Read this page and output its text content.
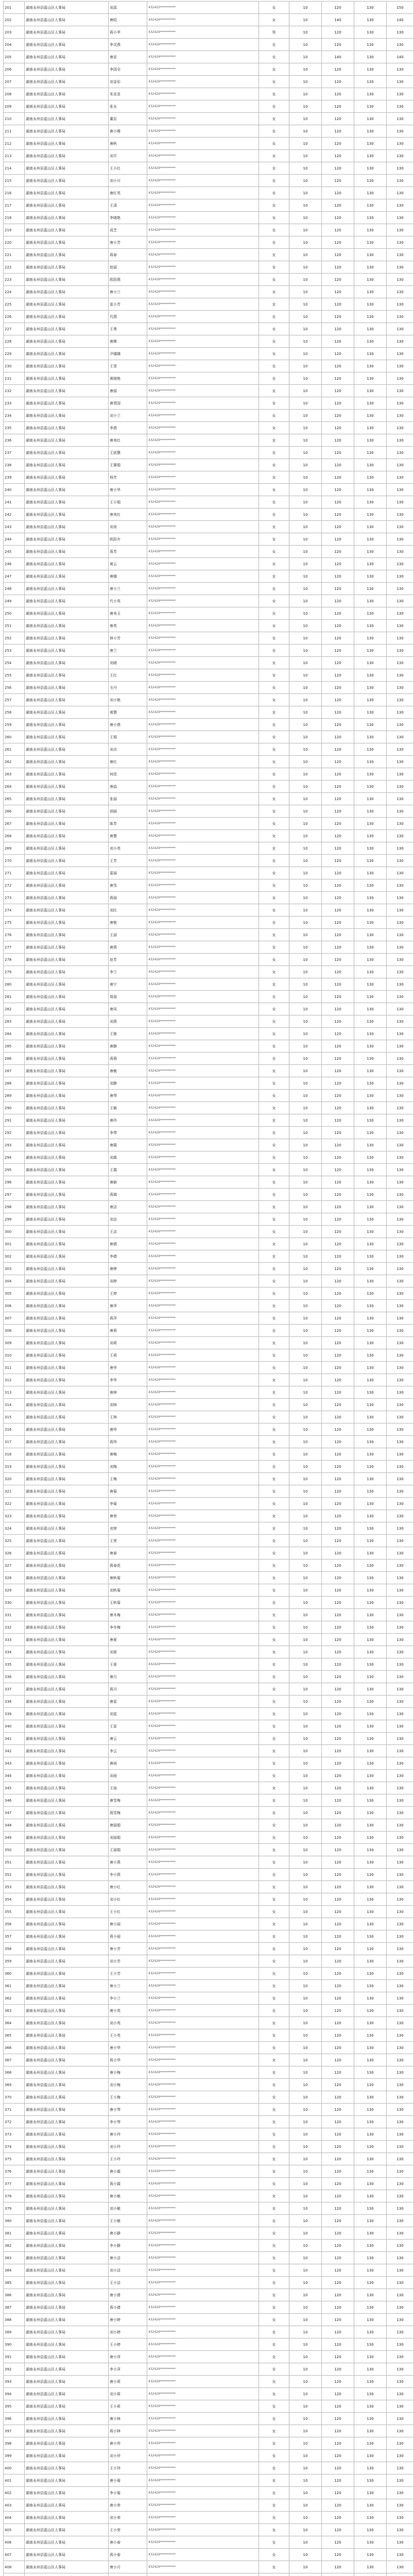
201	湖南永州县蓝山区人事局	刘邵	432425**********	女	10	120	130	150
202	湖南永州县蓝山区人事局	唐阳	432426**********	女	10	140	130	140
203	湖南永州县蓝山区人事局	蒋小苹	432426**********	男	10	120	130	130
204	湖南永州县蓝山区人事局	李灵燕	432426**********	女	10	120	130	130
205	湖南永州县蓝山区人事局	唐亚	432426**********	女	10	140	130	140
206	湖南永州县蓝山区人事局	李国全	432426**********	女	10	120	130	130
207	湖南永州县蓝山区人事局	刘金彩	432426**********	女	10	120	130	130
208	湖南永州县蓝山区人事局	朱亚亚	432426**********	女	10	120	130	130
209	湖南永州县蓝山区人事局	张永	432426**********	女	10	120	130	130
210	湖南永州县蓝山区人事局	董臣	432426**********	女	10	120	130	130
211	湖南永州县蓝山区人事局	唐小嫦	432426**********	女	10	120	130	130
212	湖南永州县蓝山区人事局	唐秋	432426**********	女	10	120	130	130
213	湖南永州县蓝山区人事局	刘平	432426**********	女	10	120	130	130
214	湖南永州县蓝山区人事局	王小红	432426**********	女	10	120	130	130
215	湖南永州县蓝山区人事局	刘小川	432426**********	女	10	120	130	130
216	湖南永州县蓝山区人事局	唐红英	432426**********	女	10	120	130	130
217	湖南永州县蓝山区人事局	王清	432426**********	女	10	120	130	130
218	湖南永州县蓝山区人事局	李晓艳	432426**********	女	10	120	130	130
219	湖南永州县蓝山区人事局	成芝	432426**********	女	10	120	130	130
220	湖南永州县蓝山区人事局	唐小芳	432426**********	女	10	120	130	130
221	湖南永州县蓝山区人事局	蒋春	432426**********	女	10	120	130	130
222	湖南永州县蓝山区人事局	赵丽	432426**********	女	10	120	130	130
223	湖南永州县蓝山区人事局	欧阳燕	432426**********	女	10	120	130	130
224	湖南永州县蓝山区人事局	唐小兰	432426**********	女	10	120	130	130
225	湖南永州县蓝山区人事局	雷小芳	432426**********	女	10	120	130	130
226	湖南永州县蓝山区人事局	代燕	432426**********	女	10	120	130	130
227	湖南永州县蓝山区人事局	王勇	432426**********	女	10	120	130	130
228	湖南永州县蓝山区人事局	唐嫦	432426**********	女	10	120	130	130
229	湖南永州县蓝山区人事局	尹娜娜	432426**********	女	10	120	130	130
230	湖南永州县蓝山区人事局	王青	432426**********	女	10	120	130	130
231	湖南永州县蓝山区人事局	黄晓艳	432426**********	女	10	120	130	130
232	湖南永州县蓝山区人事局	唐丽	432426**********	女	10	120	130	130
233	湖南永州县蓝山区人事局	唐贤国	432426**********	女	10	120	130	130
234	湖南永州县蓝山区人事局	刘小兰	432426**********	女	10	120	130	130
235	湖南永州县蓝山区人事局	李燕	432426**********	女	10	120	130	130
236	湖南永州县蓝山区人事局	唐美红	432426**********	女	10	120	130	130
237	湖南永州县蓝山区人事局	王团慧	432426**********	女	10	120	130	130
238	湖南永州县蓝山区人事局	王赛娟	432426**********	女	10	120	130	130
239	湖南永州县蓝山区人事局	杨芳	432426**********	女	10	120	130	130
240	湖南永州县蓝山区人事局	唐小华	432426**********	女	10	120	130	130
241	湖南永州县蓝山区人事局	王小娟	432426**********	女	10	120	130	130
242	湖南永州县蓝山区人事局	唐美红	432426**********	女	10	120	130	130
243	湖南永州县蓝山区人事局	刘美	432426**********	女	10	120	130	130
244	湖南永州县蓝山区人事局	欧阳卉	432426**********	女	10	120	130	130
245	湖南永州县蓝山区人事局	蒋芳	432426**********	女	10	120	130	130
246	湖南永州县蓝山区人事局	黄云	432426**********	女	10	120	130	130
247	湖南永州县蓝山区人事局	唐娜	432426**********	女	10	120	130	130
248	湖南永州县蓝山区人事局	唐小兰	432426**********	女	10	120	130	130
249	湖南永州县蓝山区人事局	代小英	432426**********	女	10	120	130	130
250	湖南永州县蓝山区人事局	唐美玉	432426**********	女	10	120	130	130
251	湖南永州县蓝山区人事局	唐英	432426**********	女	10	120	130	130
252	湖南永州县蓝山区人事局	林小芳	432426**********	女	10	120	130	130
253	湖南永州县蓝山区人事局	唐兰	432426**********	女	10	120	130	130
254	湖南永州县蓝山区人事局	刘晓	432426**********	女	10	120	130	130
255	湖南永州县蓝山区人事局	王红	432426**********	女	10	120	130	130
256	湖南永州县蓝山区人事局	毛丹	432426**********	女	10	120	130	130
257	湖南永州县蓝山区人事局	刘小艳	432426**********	女	10	120	130	130
258	湖南永州县蓝山区人事局	黄慧	432426**********	女	10	120	130	130
259	湖南永州县蓝山区人事局	唐小燕	432426**********	女	10	120	130	130
260	湖南永州县蓝山区人事局	王娟	432426**********	女	10	120	130	130
261	湖南永州县蓝山区人事局	刘贞	432426**********	女	10	120	130	130
262	湖南永州县蓝山区人事局	唐红	432426**********	女	10	120	130	130
263	湖南永州县蓝山区人事局	何佳	432426**********	女	10	120	130	130
264	湖南永州县蓝山区人事局	唐晶	432426**********	女	10	120	130	130
265	湖南永州县蓝山区人事局	张丽	432426**********	女	10	120	130	130
266	湖南永州县蓝山区人事局	胡丽	432426**********	女	10	120	130	130
267	湖南永州县蓝山区人事局	陈芳	432426**********	女	10	120	130	130
268	湖南永州县蓝山区人事局	唐慧	432426**********	女	10	120	130	130
269	湖南永州县蓝山区人事局	刘小英	432426**********	女	10	120	130	130
270	湖南永州县蓝山区人事局	王芳	432426**********	女	10	120	130	130
271	湖南永州县蓝山区人事局	雷丽	432426**********	女	10	120	130	130
272	湖南永州县蓝山区人事局	唐雪	432426**********	女	10	120	130	130
273	湖南永州县蓝山区人事局	蒋丽	432426**********	女	10	120	130	130
274	湖南永州县蓝山区人事局	刘红	432426**********	女	10	120	130	130
275	湖南永州县蓝山区人事局	唐艳	432426**********	女	10	120	130	130
276	湖南永州县蓝山区人事局	王丽	432426**********	女	10	120	130	130
277	湖南永州县蓝山区人事局	唐燕	432426**********	女	10	120	130	130
278	湖南永州县蓝山区人事局	赵芳	432426**********	女	10	120	130	130
279	湖南永州县蓝山区人事局	李兰	432426**********	女	10	120	130	130
280	湖南永州县蓝山区人事局	唐宁	432426**********	女	10	120	130	130
281	湖南永州县蓝山区人事局	周丽	432426**********	女	10	120	130	130
282	湖南永州县蓝山区人事局	唐凤	432426**********	女	10	120	130	130
283	湖南永州县蓝山区人事局	刘燕	432426**********	女	10	120	130	130
284	湖南永州县蓝山区人事局	王艳	432426**********	女	10	120	130	130
285	湖南永州县蓝山区人事局	唐静	432426**********	女	10	120	130	130
286	湖南永州县蓝山区人事局	蒋燕	432426**********	女	10	120	130	130
287	湖南永州县蓝山区人事局	唐敏	432426**********	女	10	120	130	130
288	湖南永州县蓝山区人事局	刘静	432426**********	女	10	120	130	130
289	湖南永州县蓝山区人事局	唐琴	432426**********	女	10	120	130	130
290	湖南永州县蓝山区人事局	王敏	432426**********	女	10	120	130	130
291	湖南永州县蓝山区人事局	唐玲	432426**********	女	10	120	130	130
292	湖南永州县蓝山区人事局	李琴	432426**********	女	10	120	130	130
293	湖南永州县蓝山区人事局	唐霞	432426**********	女	10	120	130	130
294	湖南永州县蓝山区人事局	刘霞	432426**********	女	10	120	130	130
295	湖南永州县蓝山区人事局	王霞	432426**********	女	10	120	130	130
296	湖南永州县蓝山区人事局	唐颖	432426**********	女	10	120	130	130
297	湖南永州县蓝山区人事局	蒋霞	432426**********	女	10	120	130	130
298	湖南永州县蓝山区人事局	唐洁	432426**********	女	10	120	130	130
299	湖南永州县蓝山区人事局	刘洁	432426**********	女	10	120	130	130
300	湖南永州县蓝山区人事局	王洁	432426**********	女	10	120	130	130
301	湖南永州县蓝山区人事局	唐倩	432426**********	女	10	120	130	130
302	湖南永州县蓝山区人事局	李倩	432426**********	女	10	120	130	130
303	湖南永州县蓝山区人事局	唐婷	432426**********	女	10	120	130	130
304	湖南永州县蓝山区人事局	刘婷	432426**********	女	10	120	130	130
305	湖南永州县蓝山区人事局	王婷	432426**********	女	10	120	130	130
306	湖南永州县蓝山区人事局	唐萍	432426**********	女	10	120	130	130
307	湖南永州县蓝山区人事局	蒋萍	432426**********	女	10	120	130	130
308	湖南永州县蓝山区人事局	唐莉	432426**********	女	10	120	130	130
309	湖南永州县蓝山区人事局	刘莉	432426**********	女	10	120	130	130
310	湖南永州县蓝山区人事局	王莉	432426**********	女	10	120	130	130
311	湖南永州县蓝山区人事局	唐华	432426**********	女	10	120	130	130
312	湖南永州县蓝山区人事局	李华	432426**********	女	10	120	130	130
313	湖南永州县蓝山区人事局	唐林	432426**********	女	10	120	130	130
314	湖南永州县蓝山区人事局	刘林	432426**********	女	10	120	130	130
315	湖南永州县蓝山区人事局	王林	432426**********	女	10	120	130	130
316	湖南永州县蓝山区人事局	唐珍	432426**********	女	10	120	130	130
317	湖南永州县蓝山区人事局	蒋珍	432426**********	女	10	120	130	130
318	湖南永州县蓝山区人事局	唐梅	432426**********	女	10	120	130	130
319	湖南永州县蓝山区人事局	刘梅	432426**********	女	10	120	130	130
320	湖南永州县蓝山区人事局	王梅	432426**********	女	10	120	130	130
321	湖南永州县蓝山区人事局	唐菊	432426**********	女	10	120	130	130
322	湖南永州县蓝山区人事局	李菊	432426**********	女	10	120	130	130
323	湖南永州县蓝山区人事局	唐荣	432426**********	女	10	120	130	130
324	湖南永州县蓝山区人事局	刘荣	432426**********	女	10	120	130	130
325	湖南永州县蓝山区人事局	王荣	432426**********	女	10	120	130	130
326	湖南永州县蓝山区人事局	唐春	432426**********	女	10	120	130	130
327	湖南永州县蓝山区人事局	蒋春花	432426**********	女	10	120	130	130
328	湖南永州县蓝山区人事局	唐秋菊	432426**********	女	10	120	130	130
329	湖南永州县蓝山区人事局	刘秋菊	432426**********	女	10	120	130	130
330	湖南永州县蓝山区人事局	王秋菊	432426**********	女	10	120	130	130
331	湖南永州县蓝山区人事局	唐冬梅	432426**********	女	10	120	130	130
332	湖南永州县蓝山区人事局	李冬梅	432426**********	女	10	120	130	130
333	湖南永州县蓝山区人事局	唐夏	432426**********	女	10	120	130	130
334	湖南永州县蓝山区人事局	刘夏	432426**********	女	10	120	130	130
335	湖南永州县蓝山区人事局	王夏	432426**********	女	10	120	130	130
336	湖南永州县蓝山区人事局	唐月	432426**********	女	10	120	130	130
337	湖南永州县蓝山区人事局	蒋月	432426**********	女	10	120	130	130
338	湖南永州县蓝山区人事局	唐星	432426**********	女	10	120	130	130
339	湖南永州县蓝山区人事局	刘星	432426**********	女	10	120	130	130
340	湖南永州县蓝山区人事局	王星	432426**********	女	10	120	130	130
341	湖南永州县蓝山区人事局	唐云	432426**********	女	10	120	130	130
342	湖南永州县蓝山区人事局	李云	432426**********	女	10	120	130	130
343	湖南永州县蓝山区人事局	唐雨	432426**********	女	10	120	130	130
344	湖南永州县蓝山区人事局	刘雨	432426**********	女	10	120	130	130
345	湖南永州县蓝山区人事局	王雨	432426**********	女	10	120	130	130
346	湖南永州县蓝山区人事局	唐雪梅	432426**********	女	10	120	130	130
347	湖南永州县蓝山区人事局	蒋雪梅	432426**********	女	10	120	130	130
348	湖南永州县蓝山区人事局	唐丽娟	432426**********	女	10	120	130	130
349	湖南永州县蓝山区人事局	刘丽娟	432426**********	女	10	120	130	130
350	湖南永州县蓝山区人事局	王丽娟	432426**********	女	10	120	130	130
351	湖南永州县蓝山区人事局	唐小燕	432426**********	女	10	120	130	130
352	湖南永州县蓝山区人事局	李小燕	432426**********	女	10	120	130	130
353	湖南永州县蓝山区人事局	唐小红	432426**********	女	10	120	130	130
354	湖南永州县蓝山区人事局	刘小红	432426**********	女	10	120	130	130
355	湖南永州县蓝山区人事局	王小红	432426**********	女	10	120	130	130
356	湖南永州县蓝山区人事局	唐小丽	432426**********	女	10	120	130	130
357	湖南永州县蓝山区人事局	蒋小丽	432426**********	女	10	120	130	130
358	湖南永州县蓝山区人事局	唐小芳	432426**********	女	10	120	130	130
359	湖南永州县蓝山区人事局	刘小芳	432426**********	女	10	120	130	130
360	湖南永州县蓝山区人事局	王小芳	432426**********	女	10	120	130	130
361	湖南永州县蓝山区人事局	唐小兰	432426**********	女	10	120	130	130
362	湖南永州县蓝山区人事局	李小兰	432426**********	女	10	120	130	130
363	湖南永州县蓝山区人事局	唐小英	432426**********	女	10	120	130	130
364	湖南永州县蓝山区人事局	刘小英	432426**********	女	10	120	130	130
365	湖南永州县蓝山区人事局	王小英	432426**********	女	10	120	130	130
366	湖南永州县蓝山区人事局	唐小华	432426**********	女	10	120	130	130
367	湖南永州县蓝山区人事局	蒋小华	432426**********	女	10	120	130	130
368	湖南永州县蓝山区人事局	唐小梅	432426**********	女	10	120	130	130
369	湖南永州县蓝山区人事局	刘小梅	432426**********	女	10	120	130	130
370	湖南永州县蓝山区人事局	王小梅	432426**********	女	10	120	130	130
371	湖南永州县蓝山区人事局	唐小琴	432426**********	女	10	120	130	130
372	湖南永州县蓝山区人事局	李小琴	432426**********	女	10	120	130	130
373	湖南永州县蓝山区人事局	唐小玲	432426**********	女	10	120	130	130
374	湖南永州县蓝山区人事局	刘小玲	432426**********	女	10	120	130	130
375	湖南永州县蓝山区人事局	王小玲	432426**********	女	10	120	130	130
376	湖南永州县蓝山区人事局	唐小霞	432426**********	女	10	120	130	130
377	湖南永州县蓝山区人事局	蒋小霞	432426**********	女	10	120	130	130
378	湖南永州县蓝山区人事局	唐小敏	432426**********	女	10	120	130	130
379	湖南永州县蓝山区人事局	刘小敏	432426**********	女	10	120	130	130
380	湖南永州县蓝山区人事局	王小敏	432426**********	女	10	120	130	130
381	湖南永州县蓝山区人事局	唐小静	432426**********	女	10	120	130	130
382	湖南永州县蓝山区人事局	李小静	432426**********	女	10	120	130	130
383	湖南永州县蓝山区人事局	唐小洁	432426**********	女	10	120	130	130
384	湖南永州县蓝山区人事局	刘小洁	432426**********	女	10	120	130	130
385	湖南永州县蓝山区人事局	王小洁	432426**********	女	10	120	130	130
386	湖南永州县蓝山区人事局	唐小倩	432426**********	女	10	120	130	130
387	湖南永州县蓝山区人事局	蒋小倩	432426**********	女	10	120	130	130
388	湖南永州县蓝山区人事局	唐小婷	432426**********	女	10	120	130	130
389	湖南永州县蓝山区人事局	刘小婷	432426**********	女	10	120	130	130
390	湖南永州县蓝山区人事局	王小婷	432426**********	女	10	120	130	130
391	湖南永州县蓝山区人事局	唐小萍	432426**********	女	10	120	130	130
392	湖南永州县蓝山区人事局	李小萍	432426**********	女	10	120	130	130
393	湖南永州县蓝山区人事局	唐小莉	432426**********	女	10	120	130	130
394	湖南永州县蓝山区人事局	刘小莉	432426**********	女	10	120	130	130
395	湖南永州县蓝山区人事局	王小莉	432426**********	女	10	120	130	130
396	湖南永州县蓝山区人事局	唐小林	432426**********	女	10	120	130	130
397	湖南永州县蓝山区人事局	蒋小林	432426**********	女	10	120	130	130
398	湖南永州县蓝山区人事局	唐小珍	432426**********	女	10	120	130	130
399	湖南永州县蓝山区人事局	刘小珍	432426**********	女	10	120	130	130
400	湖南永州县蓝山区人事局	王小珍	432426**********	女	10	120	130	130
401	湖南永州县蓝山区人事局	唐小菊	432426**********	女	10	120	130	130
402	湖南永州县蓝山区人事局	李小菊	432426**********	女	10	120	130	130
403	湖南永州县蓝山区人事局	唐小荣	432426**********	女	10	120	130	130
404	湖南永州县蓝山区人事局	刘小荣	432426**********	女	10	120	130	130
405	湖南永州县蓝山区人事局	王小荣	432426**********	女	10	120	130	130
406	湖南永州县蓝山区人事局	唐小春	432426**********	女	10	120	130	130
407	湖南永州县蓝山区人事局	蒋小春	432426**********	女	10	120	130	130
408	湖南永州县蓝山区人事局	唐小月	432426**********	女	10	120	130	130
